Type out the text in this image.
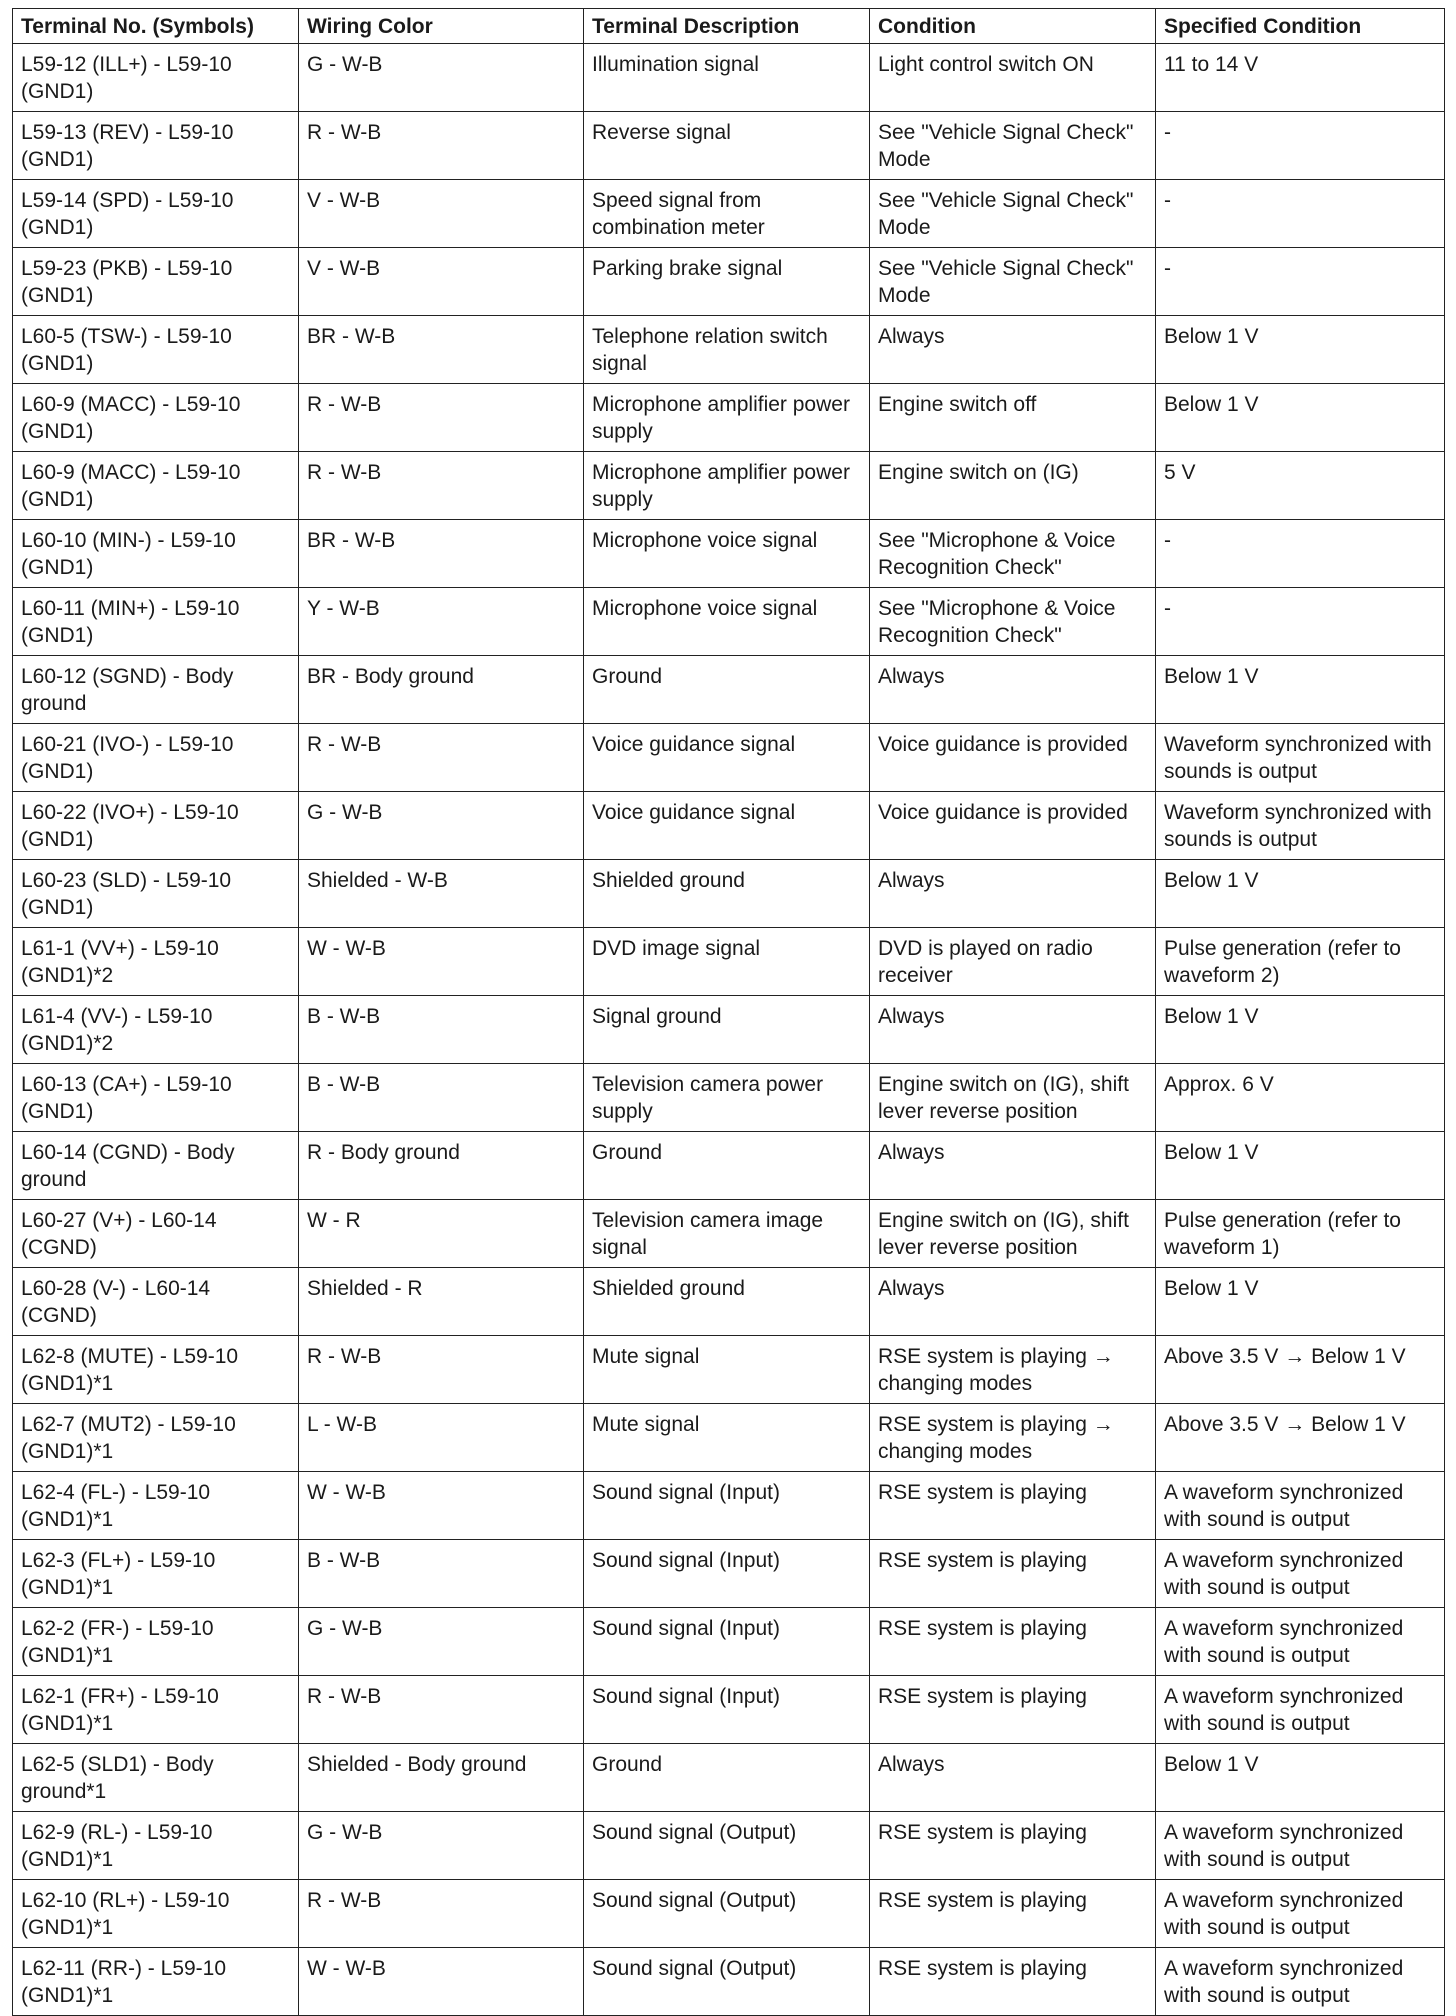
Terminal No. (Symbols)	Wiring Color	Terminal Description	Condition	Specified Condition
L59-12 (ILL+) - L59-10 (GND1)	G - W-B	Illumination signal	Light control switch ON	11 to 14 V
L59-13 (REV) - L59-10 (GND1)	R - W-B	Reverse signal	See "Vehicle Signal Check" Mode	-
L59-14 (SPD) - L59-10 (GND1)	V - W-B	Speed signal from combination meter	See "Vehicle Signal Check" Mode	-
L59-23 (PKB) - L59-10 (GND1)	V - W-B	Parking brake signal	See "Vehicle Signal Check" Mode	-
L60-5 (TSW-) - L59-10 (GND1)	BR - W-B	Telephone relation switch signal	Always	Below 1 V
L60-9 (MACC) - L59-10 (GND1)	R - W-B	Microphone amplifier power supply	Engine switch off	Below 1 V
L60-9 (MACC) - L59-10 (GND1)	R - W-B	Microphone amplifier power supply	Engine switch on (IG)	5 V
L60-10 (MIN-) - L59-10 (GND1)	BR - W-B	Microphone voice signal	See "Microphone & Voice Recognition Check"	-
L60-11 (MIN+) - L59-10 (GND1)	Y - W-B	Microphone voice signal	See "Microphone & Voice Recognition Check"	-
L60-12 (SGND) - Body ground	BR - Body ground	Ground	Always	Below 1 V
L60-21 (IVO-) - L59-10 (GND1)	R - W-B	Voice guidance signal	Voice guidance is provided	Waveform synchronized with sounds is output
L60-22 (IVO+) - L59-10 (GND1)	G - W-B	Voice guidance signal	Voice guidance is provided	Waveform synchronized with sounds is output
L60-23 (SLD) - L59-10 (GND1)	Shielded - W-B	Shielded ground	Always	Below 1 V
L61-1 (VV+) - L59-10 (GND1)*2	W - W-B	DVD image signal	DVD is played on radio receiver	Pulse generation (refer to waveform 2)
L61-4 (VV-) - L59-10 (GND1)*2	B - W-B	Signal ground	Always	Below 1 V
L60-13 (CA+) - L59-10 (GND1)	B - W-B	Television camera power supply	Engine switch on (IG), shift lever reverse position	Approx. 6 V
L60-14 (CGND) - Body ground	R - Body ground	Ground	Always	Below 1 V
L60-27 (V+) - L60-14 (CGND)	W - R	Television camera image signal	Engine switch on (IG), shift lever reverse position	Pulse generation (refer to waveform 1)
L60-28 (V-) - L60-14 (CGND)	Shielded - R	Shielded ground	Always	Below 1 V
L62-8 (MUTE) - L59-10 (GND1)*1	R - W-B	Mute signal	RSE system is playing → changing modes	Above 3.5 V → Below 1 V
L62-7 (MUT2) - L59-10 (GND1)*1	L - W-B	Mute signal	RSE system is playing → changing modes	Above 3.5 V → Below 1 V
L62-4 (FL-) - L59-10 (GND1)*1	W - W-B	Sound signal (Input)	RSE system is playing	A waveform synchronized with sound is output
L62-3 (FL+) - L59-10 (GND1)*1	B - W-B	Sound signal (Input)	RSE system is playing	A waveform synchronized with sound is output
L62-2 (FR-) - L59-10 (GND1)*1	G - W-B	Sound signal (Input)	RSE system is playing	A waveform synchronized with sound is output
L62-1 (FR+) - L59-10 (GND1)*1	R - W-B	Sound signal (Input)	RSE system is playing	A waveform synchronized with sound is output
L62-5 (SLD1) - Body ground*1	Shielded - Body ground	Ground	Always	Below 1 V
L62-9 (RL-) - L59-10 (GND1)*1	G - W-B	Sound signal (Output)	RSE system is playing	A waveform synchronized with sound is output
L62-10 (RL+) - L59-10 (GND1)*1	R - W-B	Sound signal (Output)	RSE system is playing	A waveform synchronized with sound is output
L62-11 (RR-) - L59-10 (GND1)*1	W - W-B	Sound signal (Output)	RSE system is playing	A waveform synchronized with sound is output
